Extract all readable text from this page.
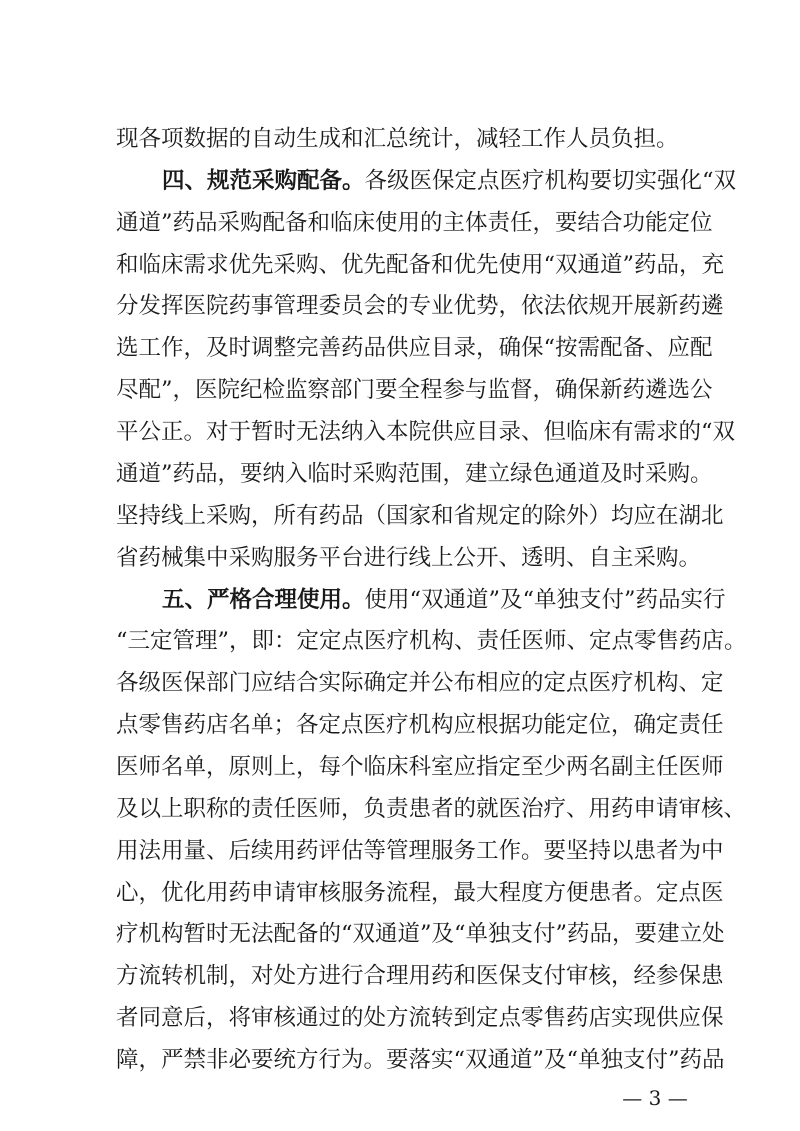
现各项数据的自动生成和汇总统计，减轻工作人员负担。
四、规范采购配备。各级医保定点医疗机构要切实强化“双
通道”药品采购配备和临床使用的主体责任，要结合功能定位
和临床需求优先采购、优先配备和优先使用“双通道”药品，充
分发挥医院药事管理委员会的专业优势，依法依规开展新药遴
选工作，及时调整完善药品供应目录，确保“按需配备、应配
尽配”，医院纪检监察部门要全程参与监督，确保新药遴选公
平公正。对于暂时无法纳入本院供应目录、但临床有需求的“双
通道”药品，要纳入临时采购范围，建立绿色通道及时采购。
坚持线上采购，所有药品（国家和省规定的除外）均应在湖北
省药械集中采购服务平台进行线上公开、透明、自主采购。
五、严格合理使用。使用“双通道”及“单独支付”药品实行
“三定管理”，即：定定点医疗机构、责任医师、定点零售药店。
各级医保部门应结合实际确定并公布相应的定点医疗机构、定
点零售药店名单；各定点医疗机构应根据功能定位，确定责任
医师名单，原则上，每个临床科室应指定至少两名副主任医师
及以上职称的责任医师，负责患者的就医治疗、用药申请审核、
用法用量、后续用药评估等管理服务工作。要坚持以患者为中
心，优化用药申请审核服务流程，最大程度方便患者。定点医
疗机构暂时无法配备的“双通道”及“单独支付”药品，要建立处
方流转机制，对处方进行合理用药和医保支付审核，经参保患
者同意后，将审核通过的处方流转到定点零售药店实现供应保
障，严禁非必要统方行为。要落实“双通道”及“单独支付”药品
— 3 —
